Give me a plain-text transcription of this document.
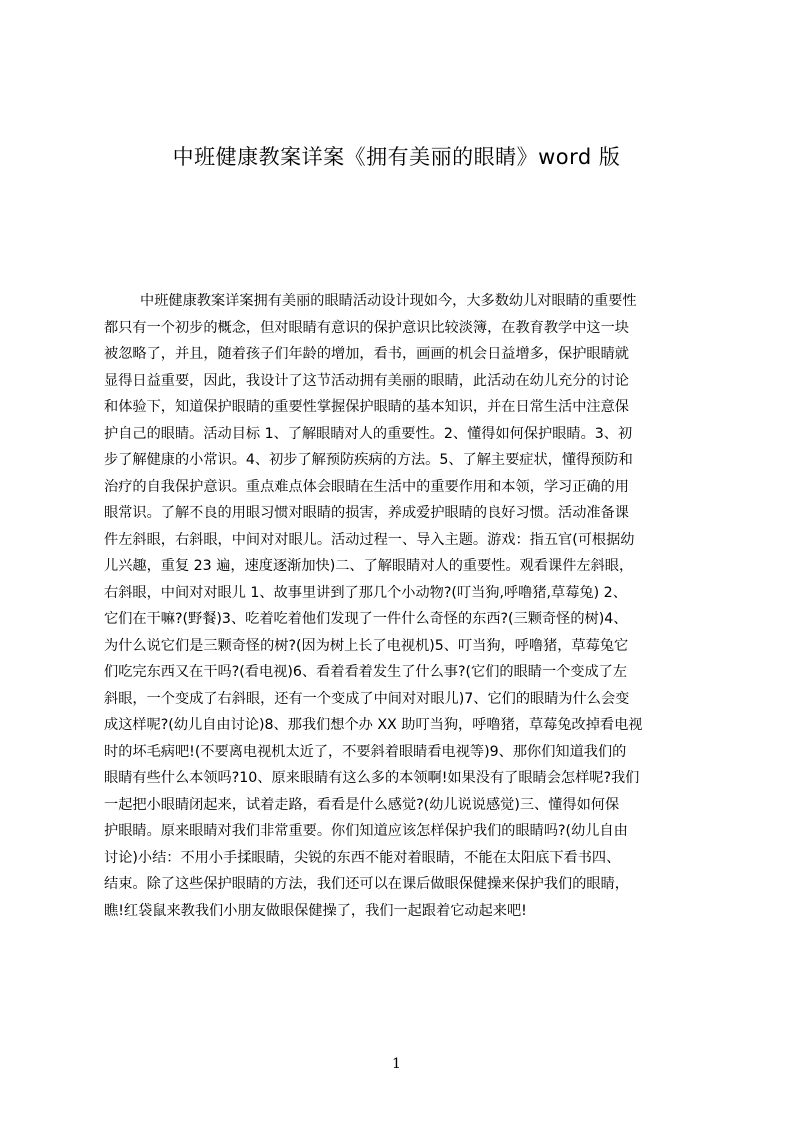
中班健康教案详案《拥有美丽的眼睛》word 版
中班健康教案详案拥有美丽的眼睛活动设计现如今，大多数幼儿对眼睛的重要性
都只有一个初步的概念，但对眼睛有意识的保护意识比较淡簿，在教育教学中这一块
被忽略了，并且，随着孩子们年龄的增加，看书，画画的机会日益增多，保护眼睛就
显得日益重要，因此，我设计了这节活动拥有美丽的眼睛，此活动在幼儿充分的讨论
和体验下，知道保护眼睛的重要性掌握保护眼睛的基本知识，并在日常生活中注意保
护自己的眼睛。活动目标 1、了解眼睛对人的重要性。2、懂得如何保护眼睛。3、初
步了解健康的小常识。4、初步了解预防疾病的方法。5、了解主要症状，懂得预防和
治疗的自我保护意识。重点难点体会眼睛在生活中的重要作用和本领，学习正确的用
眼常识。了解不良的用眼习惯对眼睛的损害，养成爱护眼睛的良好习惯。活动准备课
件左斜眼，右斜眼，中间对对眼儿。活动过程一、导入主题。游戏：指五官(可根据幼
儿兴趣，重复 23 遍，速度逐渐加快)二、了解眼睛对人的重要性。观看课件左斜眼，
右斜眼，中间对对眼儿 1、故事里讲到了那几个小动物?(叮当狗,呼噜猪,草莓兔) 2、
它们在干嘛?(野餐)3、吃着吃着他们发现了一件什么奇怪的东西?(三颗奇怪的树)4、
为什么说它们是三颗奇怪的树?(因为树上长了电视机)5、叮当狗，呼噜猪，草莓兔它
们吃完东西又在干吗?(看电视)6、看着看着发生了什么事?(它们的眼睛一个变成了左
斜眼，一个变成了右斜眼，还有一个变成了中间对对眼儿)7、它们的眼睛为什么会变
成这样呢?(幼儿自由讨论)8、那我们想个办 XX 助叮当狗，呼噜猪，草莓兔改掉看电视
时的坏毛病吧!(不要离电视机太近了，不要斜着眼睛看电视等)9、那你们知道我们的
眼睛有些什么本领吗?10、原来眼睛有这么多的本领啊!如果没有了眼睛会怎样呢?我们
一起把小眼睛闭起来，试着走路，看看是什么感觉?(幼儿说说感觉)三、懂得如何保
护眼睛。原来眼睛对我们非常重要。你们知道应该怎样保护我们的眼睛吗?(幼儿自由
讨论)小结：不用小手揉眼睛，尖锐的东西不能对着眼睛，不能在太阳底下看书四、
结束。除了这些保护眼睛的方法，我们还可以在课后做眼保健操来保护我们的眼睛，
瞧!红袋鼠来教我们小朋友做眼保健操了，我们一起跟着它动起来吧!
1
